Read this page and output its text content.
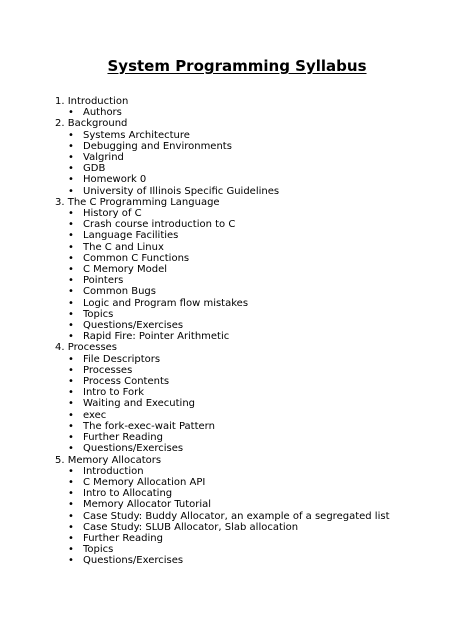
System Programming Syllabus
1. Introduction
• Authors
2. Background
• Systems Architecture
• Debugging and Environments
• Valgrind
• GDB
• Homework 0
• University of Illinois Specific Guidelines
3. The C Programming Language
• History of C
• Crash course introduction to C
• Language Facilities
• The C and Linux
• Common C Functions
• C Memory Model
• Pointers
• Common Bugs
• Logic and Program flow mistakes
• Topics
• Questions/Exercises
• Rapid Fire: Pointer Arithmetic
4. Processes
• File Descriptors
• Processes
• Process Contents
• Intro to Fork
• Waiting and Executing
• exec
• The fork-exec-wait Pattern
• Further Reading
• Questions/Exercises
5. Memory Allocators
• Introduction
• C Memory Allocation API
• Intro to Allocating
• Memory Allocator Tutorial
• Case Study: Buddy Allocator, an example of a segregated list
• Case Study: SLUB Allocator, Slab allocation
• Further Reading
• Topics
• Questions/Exercises
